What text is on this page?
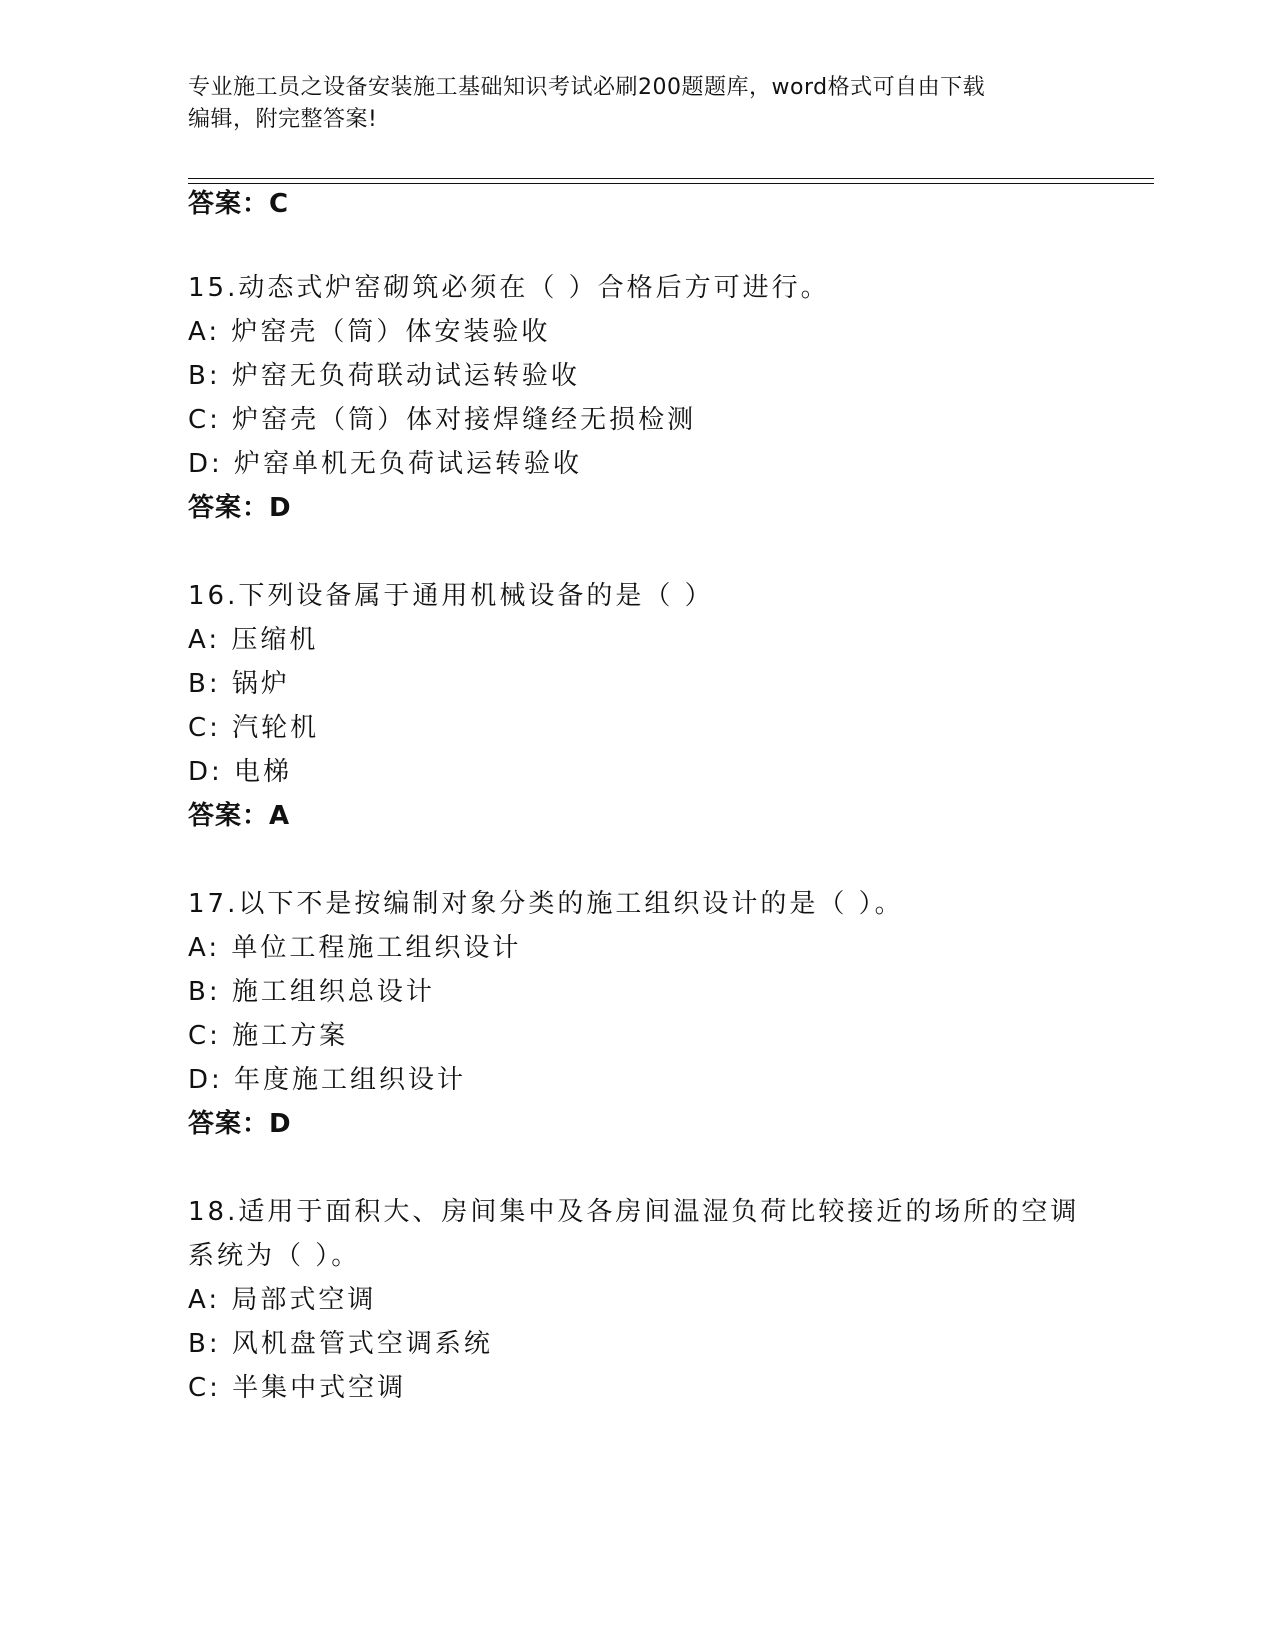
专业施工员之设备安装施工基础知识考试必刷200题题库，word格式可自由下载
编辑，附完整答案!
答案：C
15.动态式炉窑砌筑必须在（ ）合格后方可进行。
A: 炉窑壳（筒）体安装验收
B: 炉窑无负荷联动试运转验收
C: 炉窑壳（筒）体对接焊缝经无损检测
D: 炉窑单机无负荷试运转验收
答案：D
16.下列设备属于通用机械设备的是（ ）
A: 压缩机
B: 锅炉
C: 汽轮机
D: 电梯
答案：A
17.以下不是按编制对象分类的施工组织设计的是（ ）。
A: 单位工程施工组织设计
B: 施工组织总设计
C: 施工方案
D: 年度施工组织设计
答案：D
18.适用于面积大、房间集中及各房间温湿负荷比较接近的场所的空调
系统为（ ）。
A: 局部式空调
B: 风机盘管式空调系统
C: 半集中式空调
